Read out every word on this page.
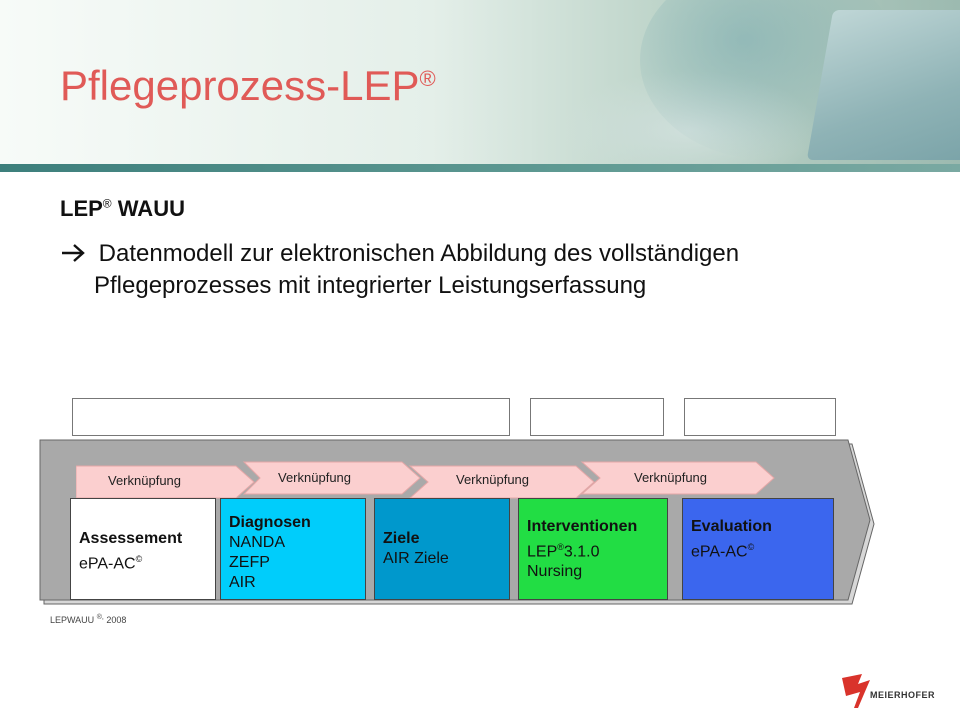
Pflegeprozess-LEP®
LEP® WAUU
Datenmodell zur elektronischen Abbildung des vollständigen
Pflegeprozesses mit integrierter Leistungserfassung
Beschreibung Zustand	Interventionen	Zustand
Verknüpfung	Verknüpfung	Verknüpfung	Verknüpfung
Assessement
ePA-AC©
Diagnosen
NANDA
ZEFP
AIR
Ziele
AIR Ziele
Interventionen
LEP®3.1.0
Nursing
Evaluation
ePA-AC©
LEPWAUU ®, 2008
MEIERHOFER
